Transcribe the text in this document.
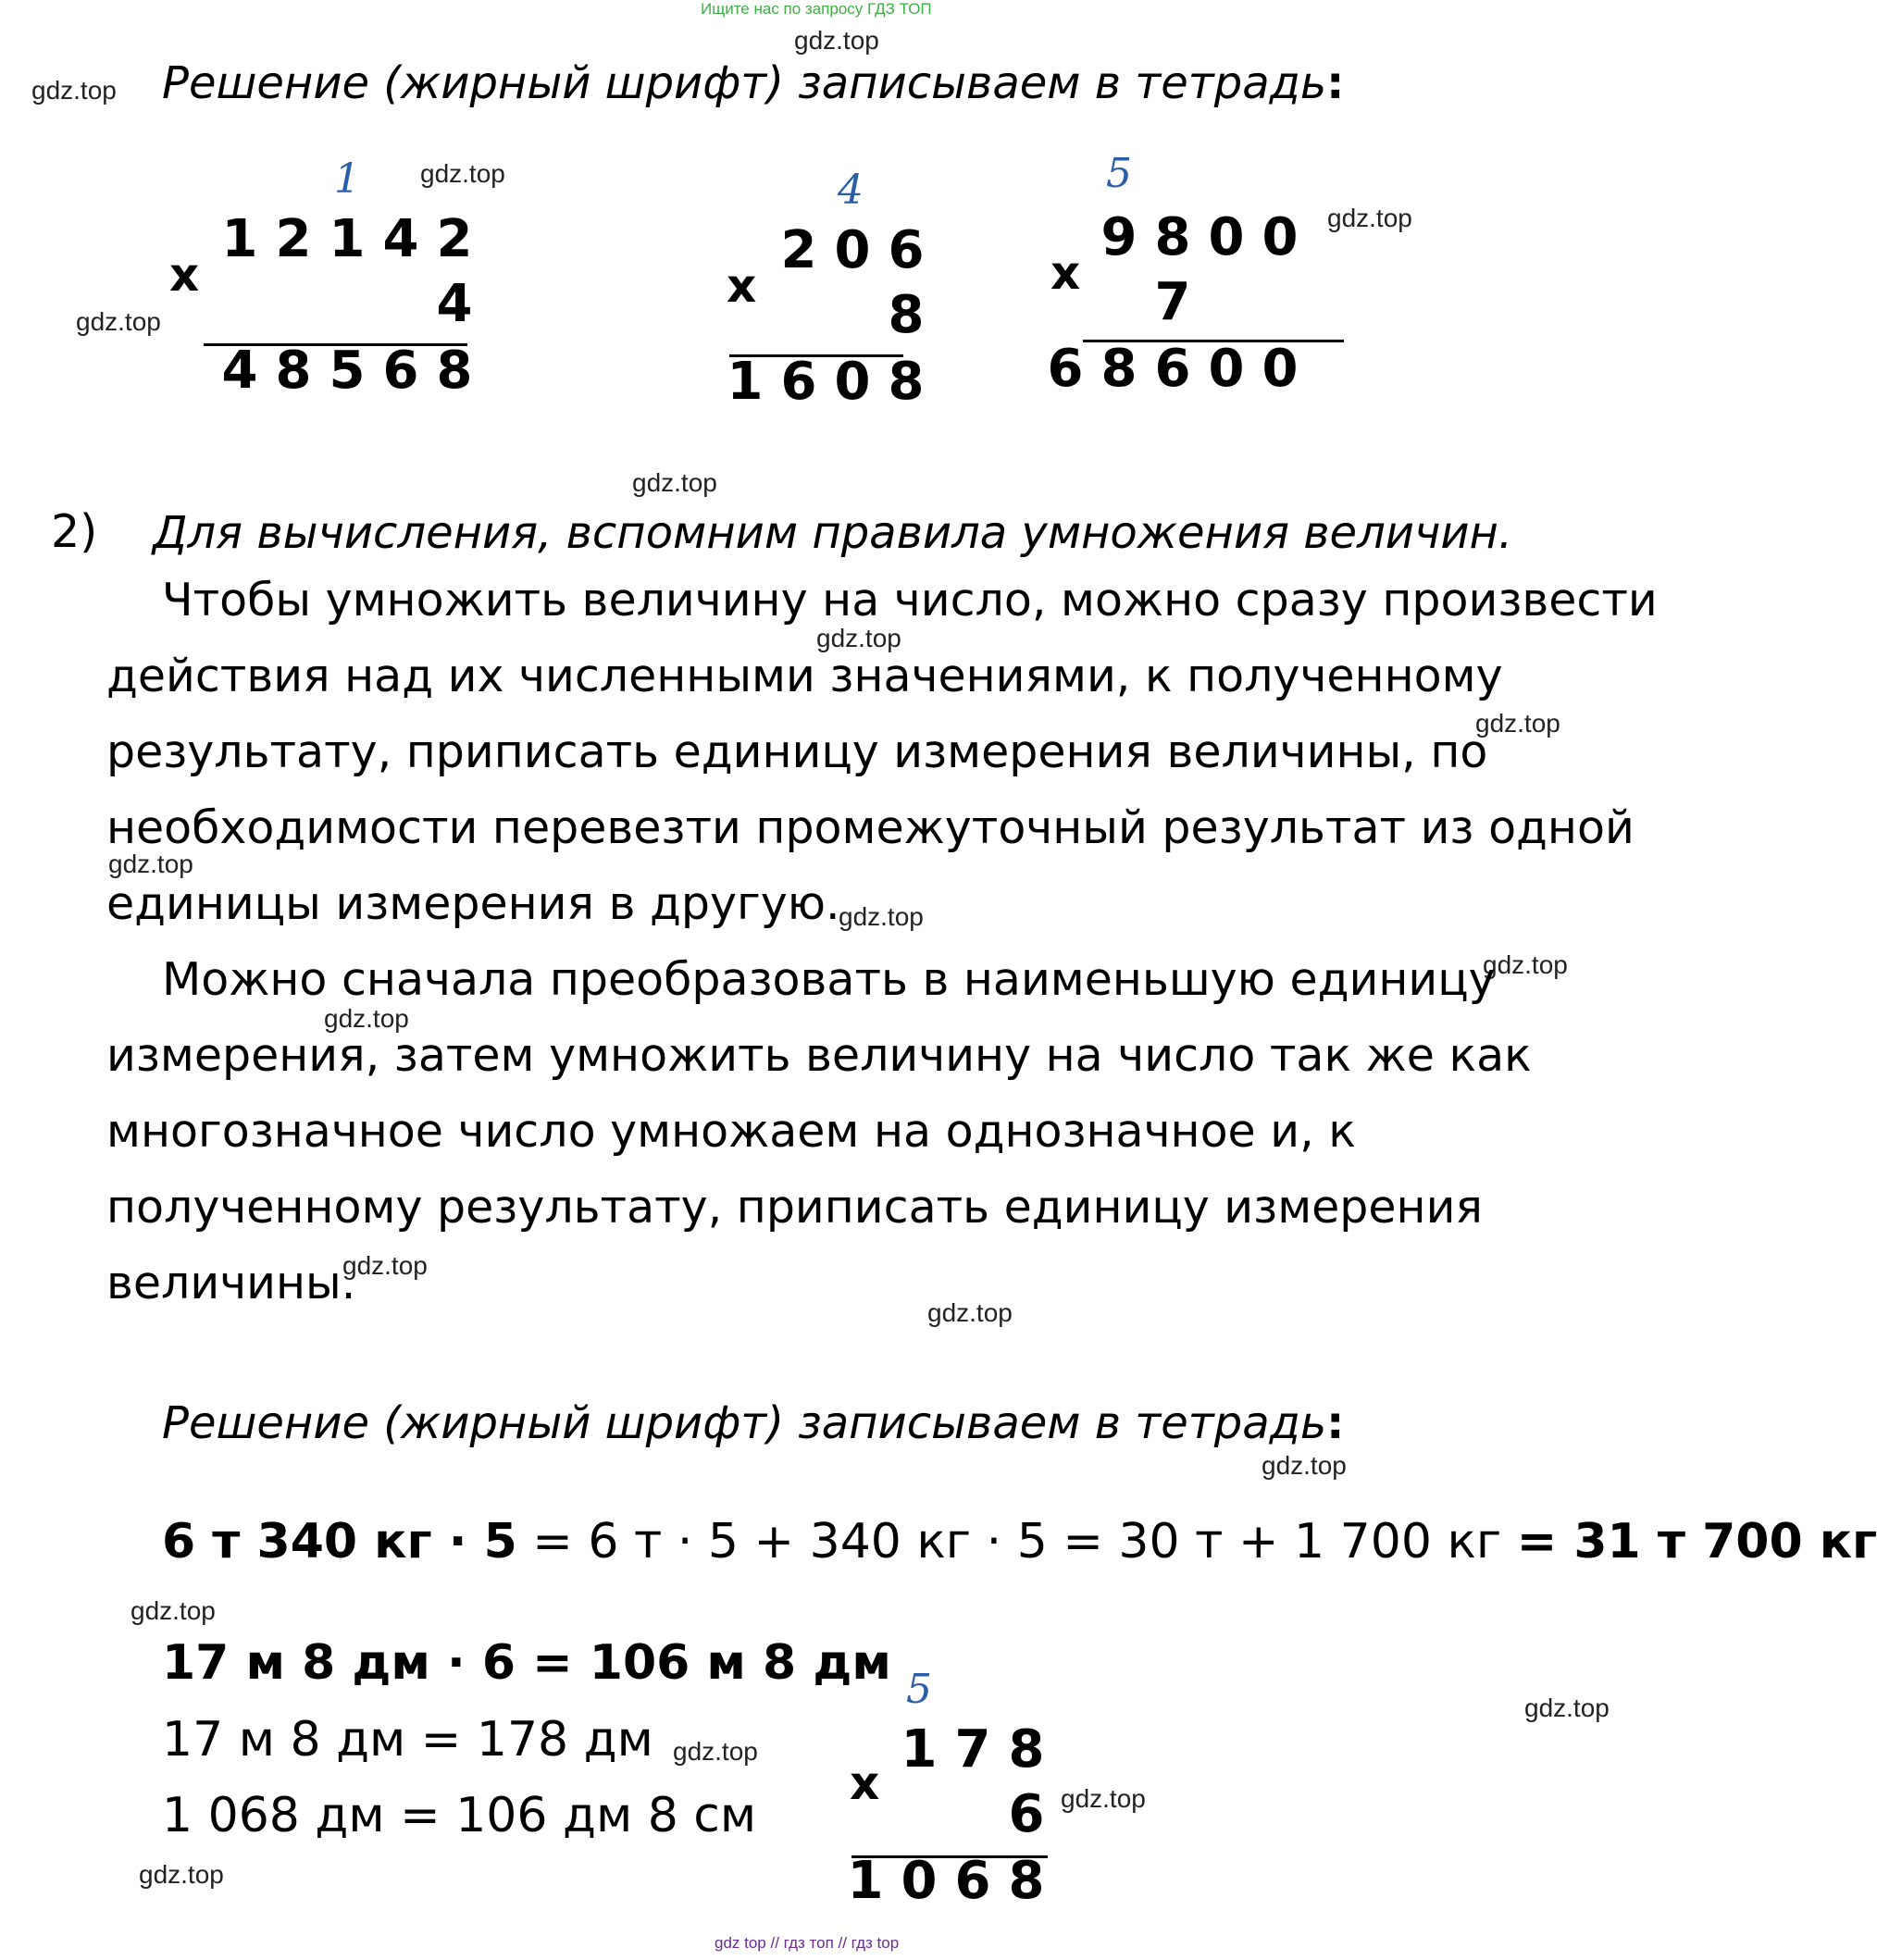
Ищите нас по запросу ГДЗ ТОП
gdz top // гдз топ // гдз top
gdz.top
gdz.top
gdz.top
gdz.top
gdz.top
gdz.top
gdz.top
gdz.top
gdz.top
gdz.top
gdz.top
gdz.top
gdz.top
gdz.top
gdz.top
gdz.top
gdz.top
gdz.top
gdz.top
gdz.top
Решение (жирный шрифт) записываем в тетрадь:
1
х
1 2 1 4 2
4
4 8 5 6 8
4
х
2 0 6
8
1 6 0 8
5
х
9 8 0 0
7
6 8 6 0 0
2) Для вычисления, вспомним правила умножения величин.
Чтобы умножить величину на число, можно сразу произвести
действия над их численными значениями, к полученному
результату, приписать единицу измерения величины, по
необходимости перевезти промежуточный результат из одной
единицы измерения в другую.
Можно сначала преобразовать в наименьшую единицу
измерения, затем умножить величину на число так же как
многозначное число умножаем на однозначное и, к
полученному результату, приписать единицу измерения
величины.
Решение (жирный шрифт) записываем в тетрадь:
6 т 340 кг · 5 = 6 т · 5 + 340 кг · 5 = 30 т + 1 700 кг = 31 т 700 кг
17 м 8 дм · 6 = 106 м 8 дм
17 м 8 дм = 178 дм
1 068 дм = 106 дм 8 см
5
х
1 7 8
6
1 0 6 8
